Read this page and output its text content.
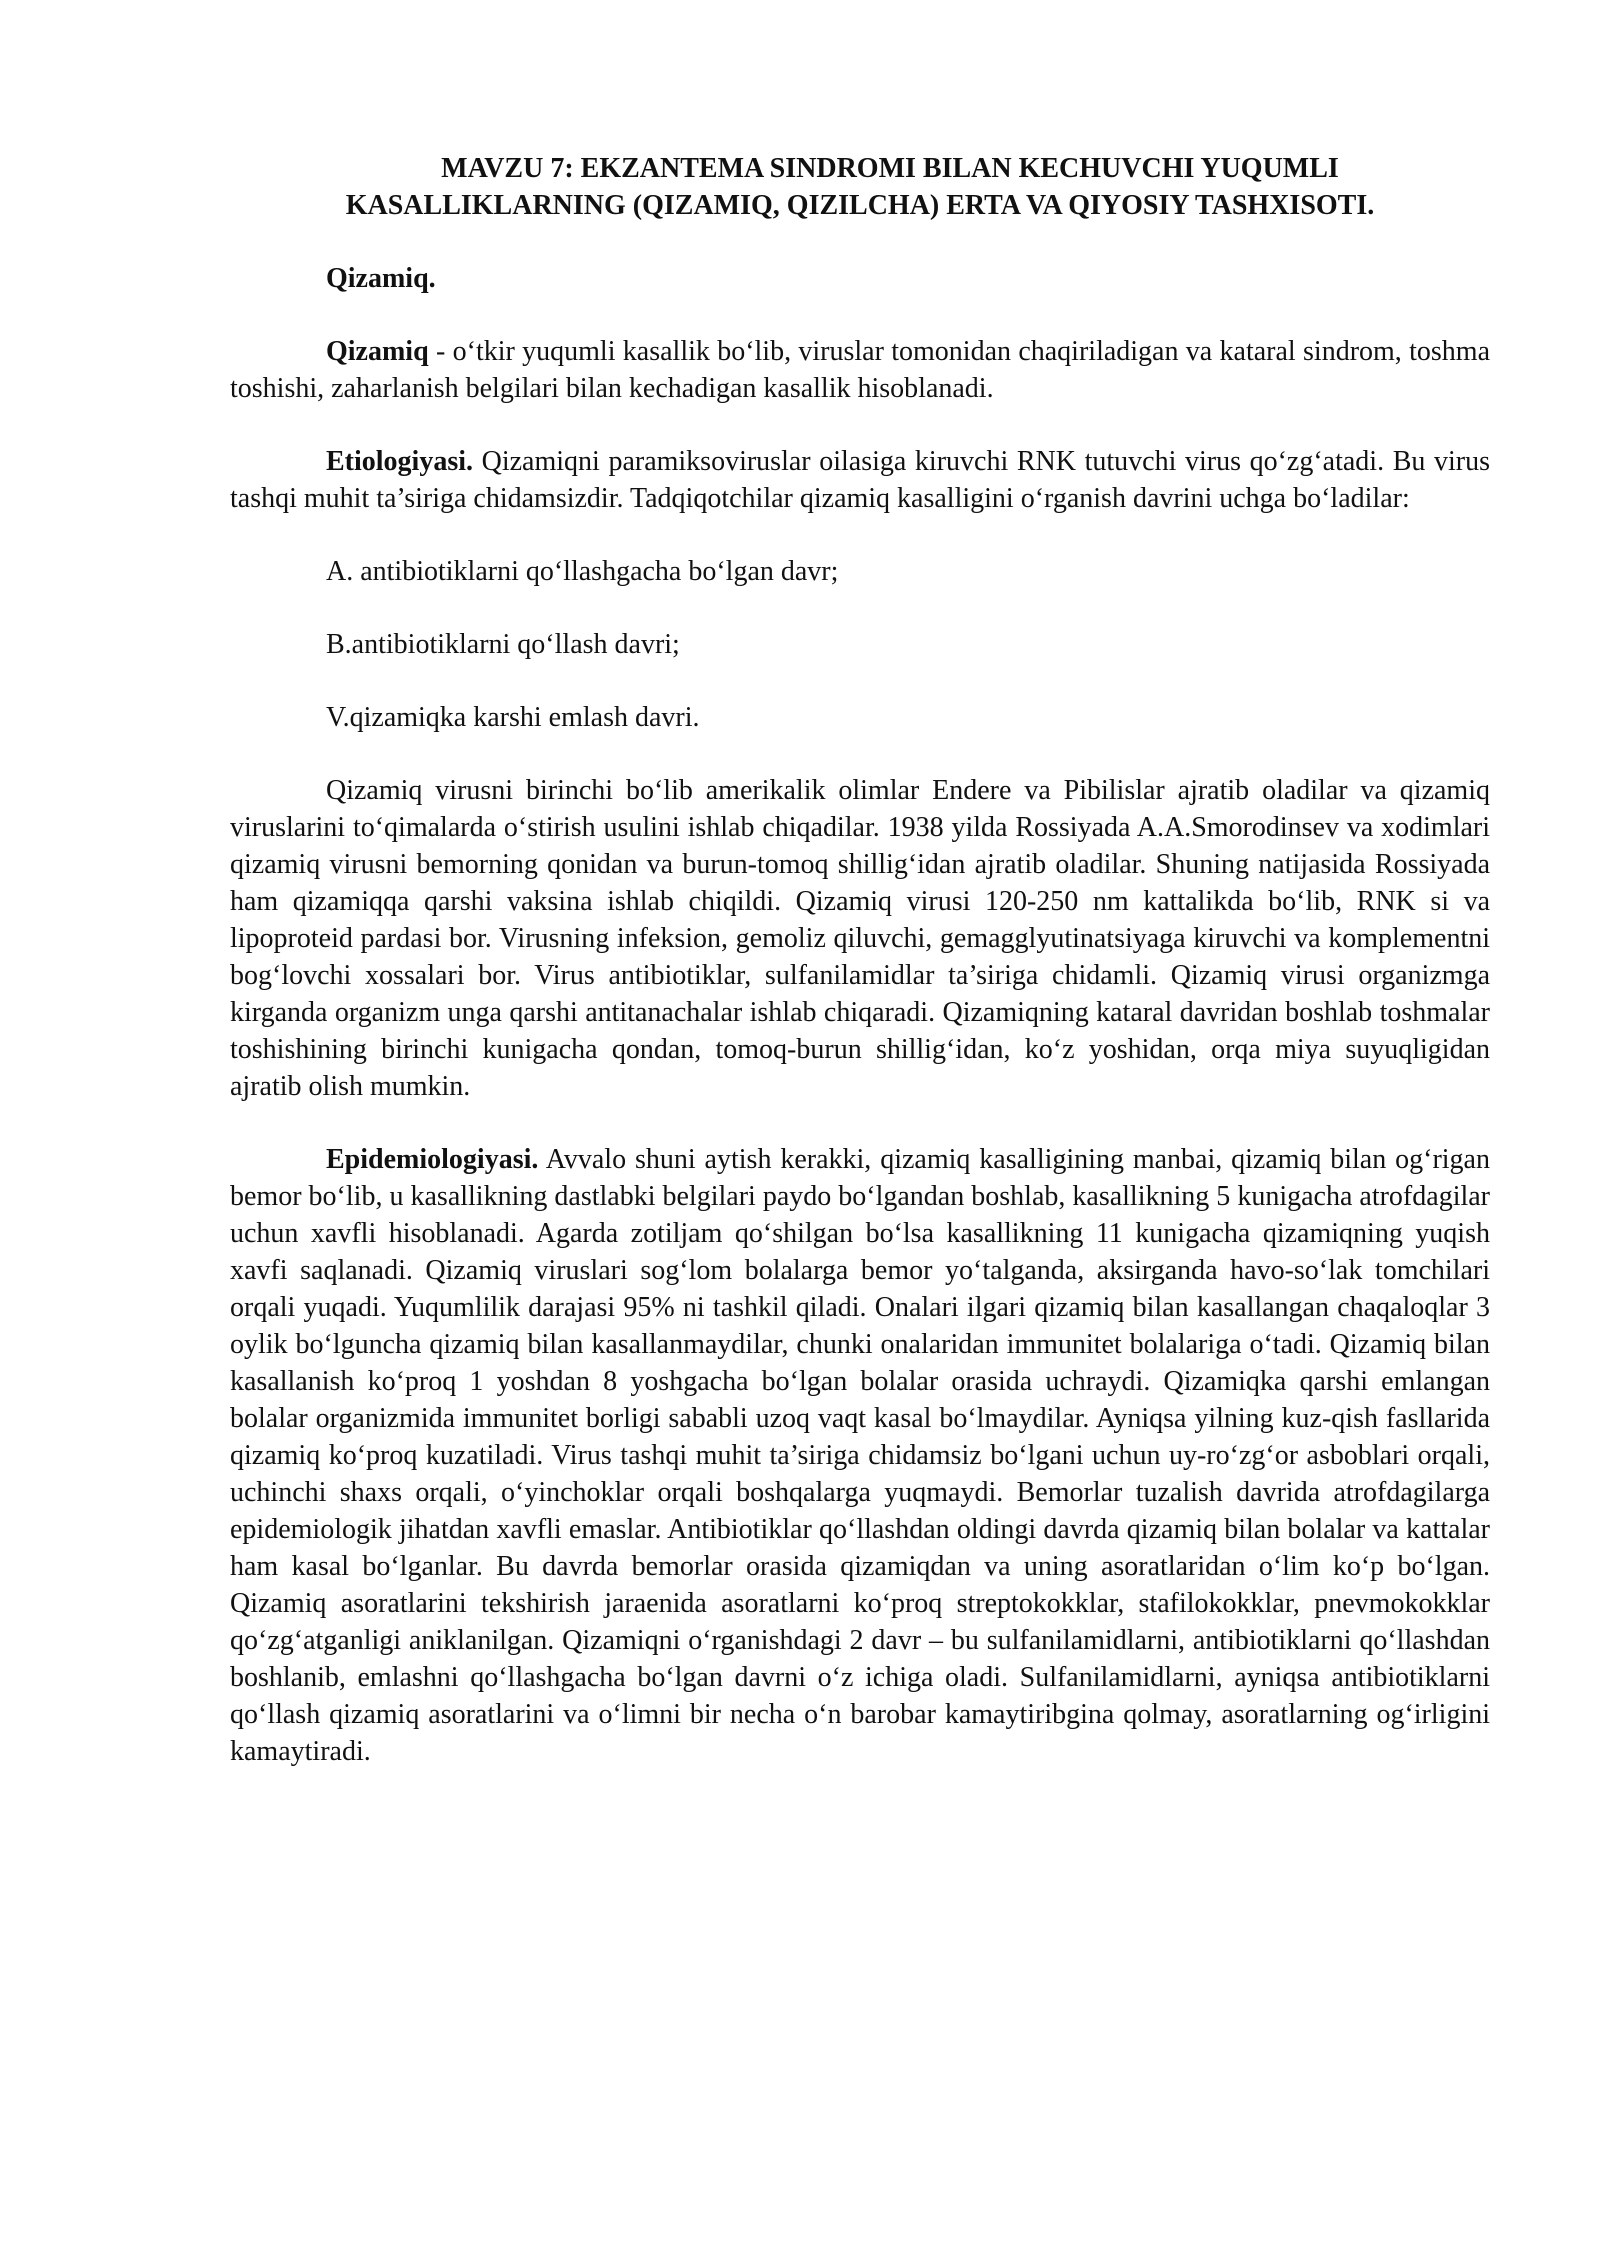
MAVZU 7: EKZANTEMA SINDROMI BILAN KECHUVCHI YUQUMLI
KASALLIKLARNING (QIZAMIQ, QIZILCHA) ERTA VA QIYOSIY TASHXISOTI.
Qizamiq.

Qizamiq - o‘tkir yuqumli kasallik bo‘lib, viruslar tomonidan chaqiriladigan va kataral sindrom, toshma toshishi, zaharlanish belgilari bilan kechadigan kasallik hisoblanadi.

Etiologiyasi. Qizamiqni paramiksoviruslar oilasiga kiruvchi RNK tutuvchi virus qo‘zg‘atadi. Bu virus tashqi muhit ta’siriga chidamsizdir. Tadqiqotchilar qizamiq kasalligini o‘rganish davrini uchga bo‘ladilar:

A. antibiotiklarni qo‘llashgacha bo‘lgan davr;
B.antibiotiklarni qo‘llash davri;
V.qizamiqka karshi emlash davri.

Qizamiq virusni birinchi bo‘lib amerikalik olimlar Endere va Pibilislar ajratib oladilar va qizamiq viruslarini to‘qimalarda o‘stirish usulini ishlab chiqadilar. 1938 yilda Rossiyada A.A.Smorodinsev va xodimlari qizamiq virusni bemorning qonidan va burun-tomoq shillig‘idan ajratib oladilar. Shuning natijasida Rossiyada ham qizamiqqa qarshi vaksina ishlab chiqildi. Qizamiq virusi 120-250 nm kattalikda bo‘lib, RNK si va lipoproteid pardasi bor. Virusning infeksion, gemoliz qiluvchi, gemagglyutinatsiyaga kiruvchi va komplementni bog‘lovchi xossalari bor. Virus antibiotiklar, sulfanilamidlar ta’siriga chidamli. Qizamiq virusi organizmga kirganda organizm unga qarshi antitanachalar ishlab chiqaradi. Qizamiqning kataral davridan boshlab toshmalar toshishining birinchi kunigacha qondan, tomoq-burun shillig‘idan, ko‘z yoshidan, orqa miya suyuqligidan ajratib olish mumkin.

Epidemiologiyasi. Avvalo shuni aytish kerakki, qizamiq kasalligining manbai, qizamiq bilan og‘rigan bemor bo‘lib, u kasallikning dastlabki belgilari paydo bo‘lgandan boshlab, kasallikning 5 kunigacha atrofdagilar uchun xavfli hisoblanadi. Agarda zotiljam qo‘shilgan bo‘lsa kasallikning 11 kunigacha qizamiqning yuqish xavfi saqlanadi. Qizamiq viruslari sog‘lom bolalarga bemor yo‘talganda, aksirganda havo-so‘lak tomchilari orqali yuqadi. Yuqumlilik darajasi 95% ni tashkil qiladi. Onalari ilgari qizamiq bilan kasallangan chaqaloqlar 3 oylik bo‘lguncha qizamiq bilan kasallanmaydilar, chunki onalaridan immunitet bolalariga o‘tadi. Qizamiq bilan kasallanish ko‘proq 1 yoshdan 8 yoshgacha bo‘lgan bolalar orasida uchraydi. Qizamiqka qarshi emlangan bolalar organizmida immunitet borligi sababli uzoq vaqt kasal bo‘lmaydilar. Ayniqsa yilning kuz-qish fasllarida qizamiq ko‘proq kuzatiladi. Virus tashqi muhit ta’siriga chidamsiz bo‘lgani uchun uy-ro‘zg‘or asboblari orqali, uchinchi shaxs orqali, o‘yinchoklar orqali boshqalarga yuqmaydi. Bemorlar tuzalish davrida atrofdagilarga epidemiologik jihatdan xavfli emaslar. Antibiotiklar qo‘llashdan oldingi davrda qizamiq bilan bolalar va kattalar ham kasal bo‘lganlar. Bu davrda bemorlar orasida qizamiqdan va uning asoratlaridan o‘lim ko‘p bo‘lgan. Qizamiq asoratlarini tekshirish jaraenida asoratlarni ko‘proq streptokokklar, stafilokokklar, pnevmokokklar qo‘zg‘atganligi aniklanilgan. Qizamiqni o‘rganishdagi 2 davr – bu sulfanilamidlarni, antibiotiklarni qo‘llashdan boshlanib, emlashni qo‘llashgacha bo‘lgan davrni o‘z ichiga oladi. Sulfanilamidlarni, ayniqsa antibiotiklarni qo‘llash qizamiq asoratlarini va o‘limni bir necha o‘n barobar kamaytiribgina qolmay, asoratlarning og‘irligini kamaytiradi.
